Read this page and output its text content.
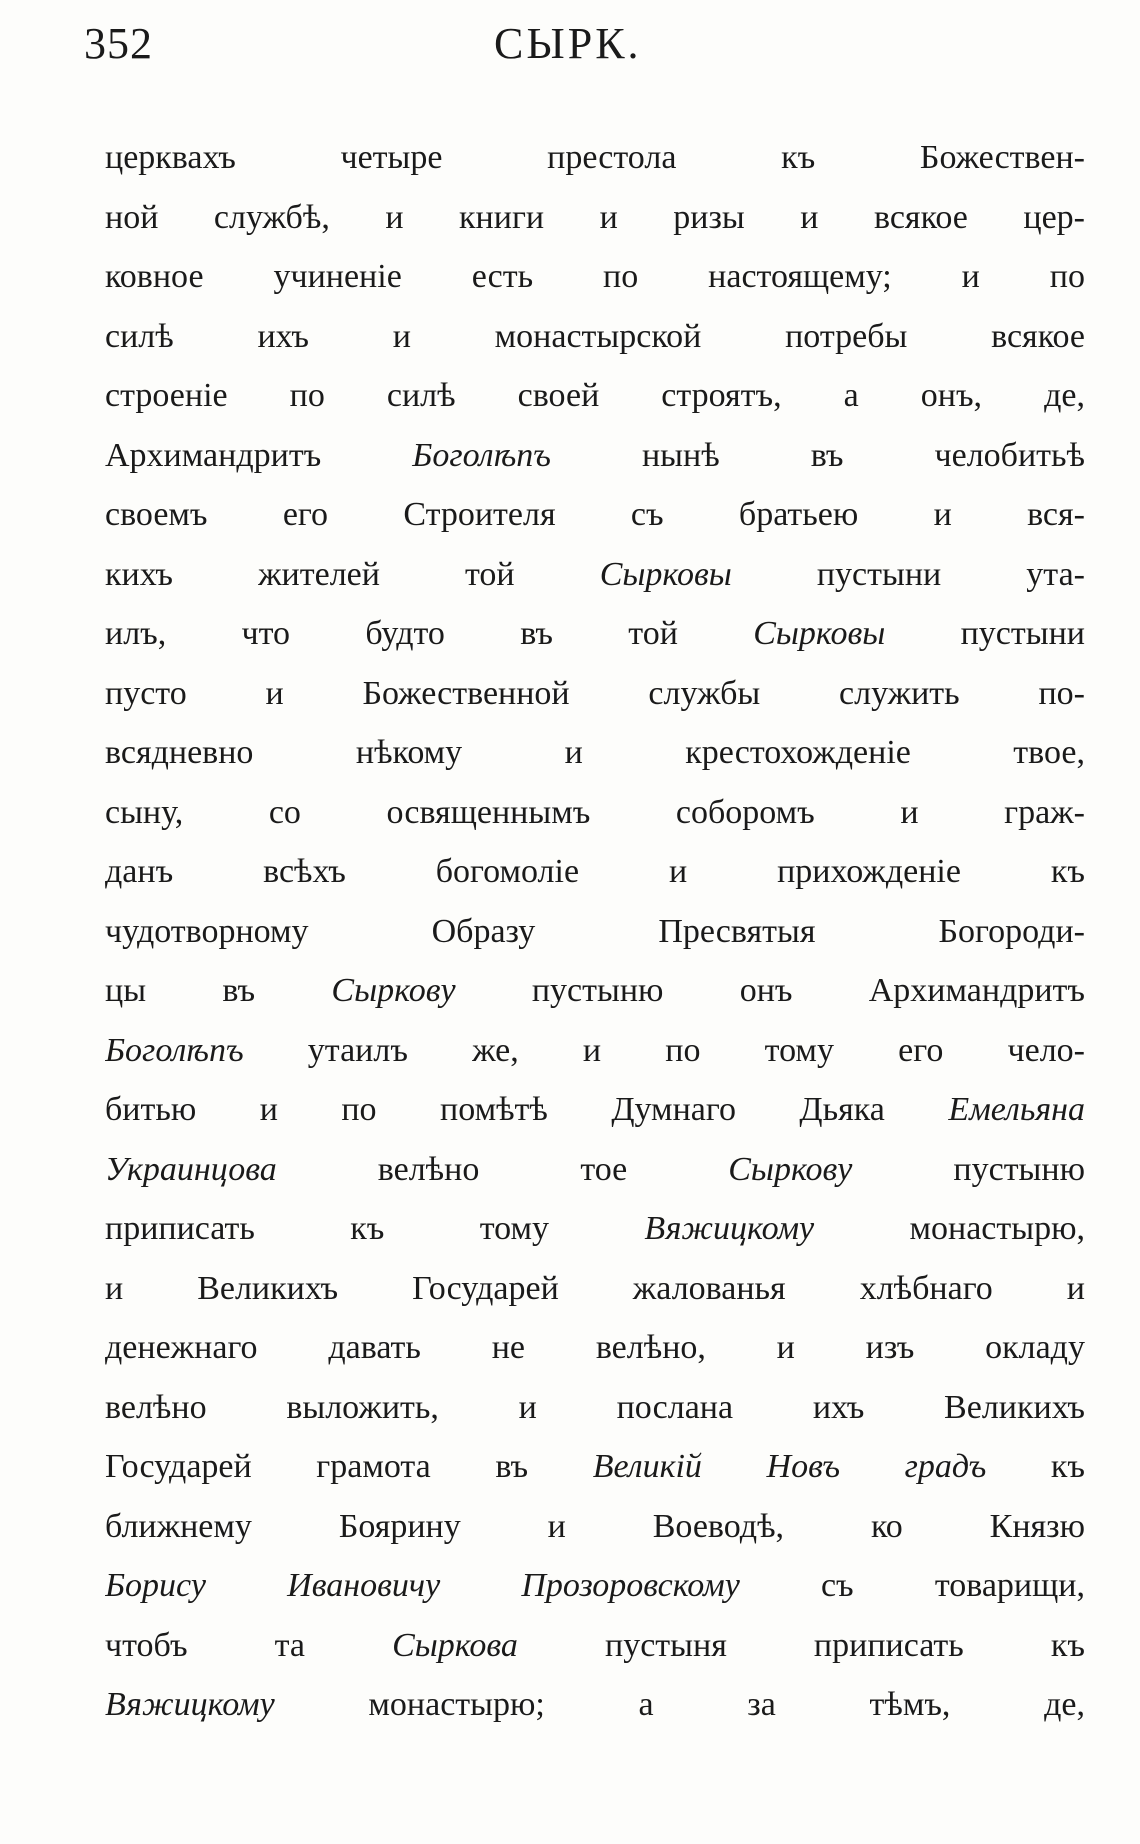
352	СЫРК.
церквахъ четыре престола къ Божествен-
ной службѣ, и книги и ризы и всякое цер-
ковное учиненіе есть по настоящему; и по
силѣ ихъ и монастырской потребы всякое
строеніе по силѣ своей строятъ, а онъ, де,
Архимандритъ Боголѣпъ нынѣ въ челобитьѣ
своемъ его Строителя съ братьею и вся-
кихъ жителей той Сырковы пустыни ута-
илъ, что будто въ той Сырковы пустыни
пусто и Божественной службы служить по-
всядневно нѣкому и крестохожденіе твое,
сыну, со освященнымъ соборомъ и граж-
данъ всѣхъ богомоліе и прихожденіе къ
чудотворному Образу Пресвятыя Богороди-
цы въ Сыркову пустыню онъ Архимандритъ
Боголѣпъ утаилъ же, и по тому его чело-
битью и по помѣтѣ Думнаго Дьяка Емельяна
Украинцова велѣно тое Сыркову пустыню
приписать къ тому Вяжицкому монастырю,
и Великихъ Государей жалованья хлѣбнаго и
денежнаго давать не велѣно, и изъ окладу
велѣно выложить, и послана ихъ Великихъ
Государей грамота въ Великій Новъ градъ къ
ближнему Боярину и Воеводѣ, ко Князю
Борису Ивановичу Прозоровскому съ товарищи,
чтобъ та Сыркова пустыня приписать къ
Вяжицкому монастырю; а за тѣмъ, де,
